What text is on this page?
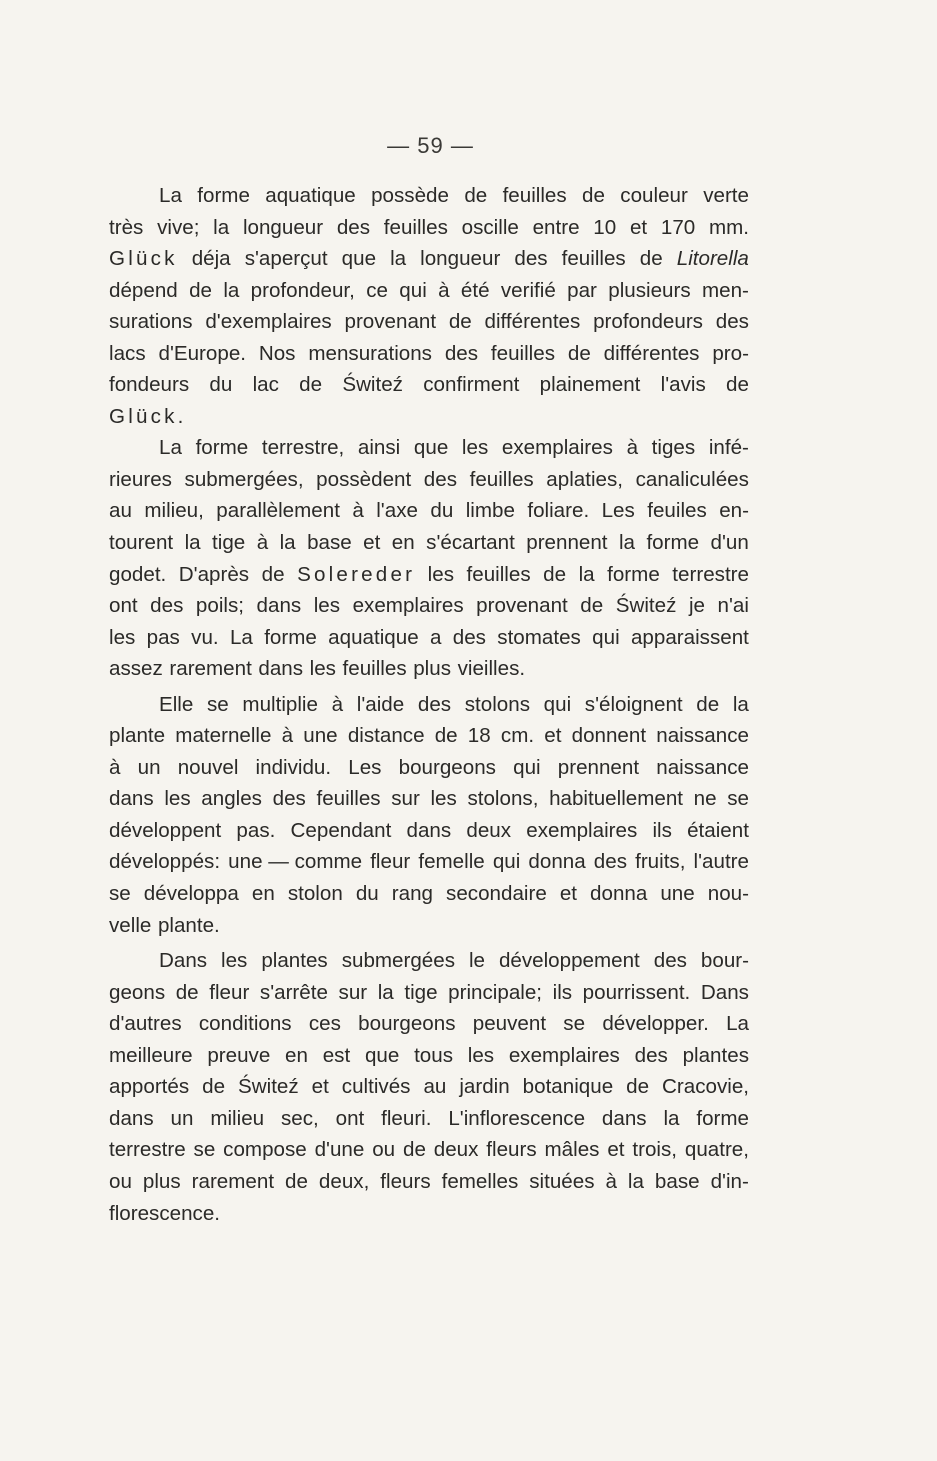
— 59 —
La forme aquatique possède de feuilles de couleur verte
très vive; la longueur des feuilles oscille entre 10 et 170 mm.
Glück déja s'aperçut que la longueur des feuilles de Litorella
dépend de la profondeur, ce qui à été verifié par plusieurs men-
surations d'exemplaires provenant de différentes profondeurs des
lacs d'Europe. Nos mensurations des feuilles de différentes pro-
fondeurs du lac de Świteź confirment plainement l'avis de
Glück.
La forme terrestre, ainsi que les exemplaires à tiges infé-
rieures submergées, possèdent des feuilles aplaties, canaliculées
au milieu, parallèlement à l'axe du limbe foliare. Les feuiles en-
tourent la tige à la base et en s'écartant prennent la forme d'un
godet. D'après de Solereder les feuilles de la forme terrestre
ont des poils; dans les exemplaires provenant de Świteź je n'ai
les pas vu. La forme aquatique a des stomates qui apparaissent
assez rarement dans les feuilles plus vieilles.
Elle se multiplie à l'aide des stolons qui s'éloignent de la
plante maternelle à une distance de 18 cm. et donnent naissance
à un nouvel individu. Les bourgeons qui prennent naissance
dans les angles des feuilles sur les stolons, habituellement ne se
développent pas. Cependant dans deux exemplaires ils étaient
développés: une — comme fleur femelle qui donna des fruits, l'autre
se développa en stolon du rang secondaire et donna une nou-
velle plante.
Dans les plantes submergées le développement des bour-
geons de fleur s'arrête sur la tige principale; ils pourrissent. Dans
d'autres conditions ces bourgeons peuvent se développer. La
meilleure preuve en est que tous les exemplaires des plantes
apportés de Świteź et cultivés au jardin botanique de Cracovie,
dans un milieu sec, ont fleuri. L'inflorescence dans la forme
terrestre se compose d'une ou de deux fleurs mâles et trois, quatre,
ou plus rarement de deux, fleurs femelles situées à la base d'in-
florescence.
